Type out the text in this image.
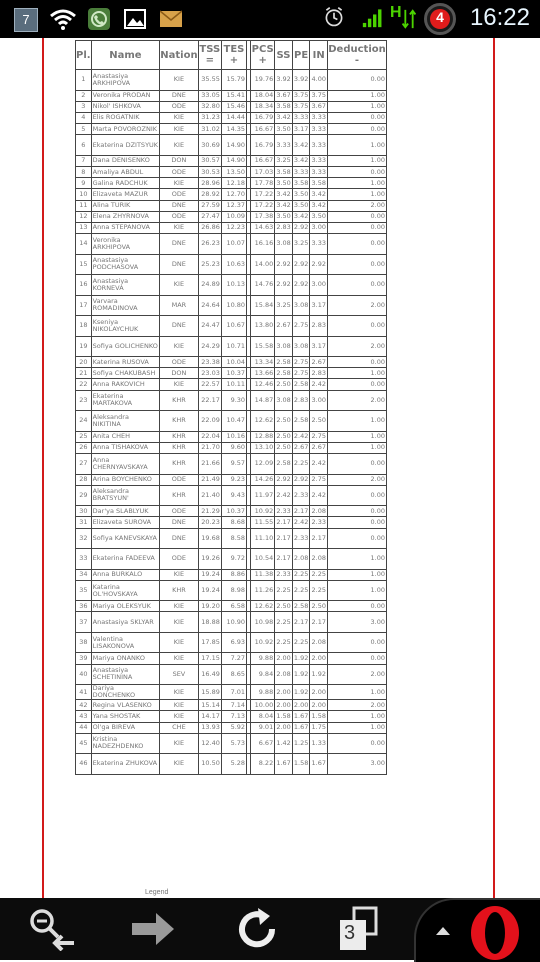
7	H	4	16:22
Pl.	Name	Nation	TSS =	TES +		PCS +	SS	PE	IN	Deduction -
1	Anastasiya ARKHIPOVA	KIE	35.55	15.79		19.76	3.92	3.92	4.00	0.00
2	Veronika PRODAN	DNE	33.05	15.41		18.04	3.67	3.75	3.75	1.00
3	Nikol' ISHKOVA	ODE	32.80	15.46		18.34	3.58	3.75	3.67	1.00
4	Elis ROGATNIK	KIE	31.23	14.44		16.79	3.42	3.33	3.33	0.00
5	Marta POVOROZNIK	KIE	31.02	14.35		16.67	3.50	3.17	3.33	0.00
6	Ekaterina DZITSYUK	KIE	30.69	14.90		16.79	3.33	3.42	3.33	1.00
7	Dana DENISENKO	DON	30.57	14.90		16.67	3.25	3.42	3.33	1.00
8	Amaliya ABDUL	ODE	30.53	13.50		17.03	3.58	3.33	3.33	0.00
9	Galina RADCHUK	KIE	28.96	12.18		17.78	3.50	3.58	3.58	1.00
10	Elizaveta MAZUR	ODE	28.92	12.70		17.22	3.42	3.50	3.42	1.00
11	Alina TURIK	DNE	27.59	12.37		17.22	3.42	3.50	3.42	2.00
12	Elena ZHYRNOVA	ODE	27.47	10.09		17.38	3.50	3.42	3.50	0.00
13	Anna STEPANOVA	KIE	26.86	12.23		14.63	2.83	2.92	3.00	0.00
14	Veronika ARKHIPOVA	DNE	26.23	10.07		16.16	3.08	3.25	3.33	0.00
15	Anastasiya PODCHASOVA	DNE	25.23	10.63		14.00	2.92	2.92	2.92	0.00
16	Anastasiya KORNEVA	KIE	24.89	10.13		14.76	2.92	2.92	3.00	0.00
17	Varvara ROMADINOVA	MAR	24.64	10.80		15.84	3.25	3.08	3.17	2.00
18	Kseniya NIKOLAYCHUK	DNE	24.47	10.67		13.80	2.67	2.75	2.83	0.00
19	Sofiya GOLICHENKO	KIE	24.29	10.71		15.58	3.08	3.08	3.17	2.00
20	Katerina RUSOVA	ODE	23.38	10.04		13.34	2.58	2.75	2.67	0.00
21	Sofiya CHAKUBASH	DON	23.03	10.37		13.66	2.58	2.75	2.83	1.00
22	Anna RAKOVICH	KIE	22.57	10.11		12.46	2.50	2.58	2.42	0.00
23	Ekaterina MARTAKOVA	KHR	22.17	9.30		14.87	3.08	2.83	3.00	2.00
24	Aleksandra NIKITINA	KHR	22.09	10.47		12.62	2.50	2.58	2.50	1.00
25	Anita CHEH	KHR	22.04	10.16		12.88	2.50	2.42	2.75	1.00
26	Anna TISHAKOVA	KHR	21.70	9.60		13.10	2.50	2.67	2.67	1.00
27	Anna CHERNYAVSKAYA	KHR	21.66	9.57		12.09	2.58	2.25	2.42	0.00
28	Arina BOYCHENKO	ODE	21.49	9.23		14.26	2.92	2.92	2.75	2.00
29	Aleksandra BRATSYUN'	KHR	21.40	9.43		11.97	2.42	2.33	2.42	0.00
30	Dar'ya SLABLYUK	ODE	21.29	10.37		10.92	2.33	2.17	2.08	0.00
31	Elizaveta SUROVA	DNE	20.23	8.68		11.55	2.17	2.42	2.33	0.00
32	Sofiya KANEVSKAYA	DNE	19.68	8.58		11.10	2.17	2.33	2.17	0.00
33	Ekaterina FADEEVA	ODE	19.26	9.72		10.54	2.17	2.08	2.08	1.00
34	Anna BURKALO	KIE	19.24	8.86		11.38	2.33	2.25	2.25	1.00
35	Katarina OL'HOVSKAYA	KHR	19.24	8.98		11.26	2.25	2.25	2.25	1.00
36	Mariya OLEKSYUK	KIE	19.20	6.58		12.62	2.50	2.58	2.50	0.00
37	Anastasiya SKLYAR	KIE	18.88	10.90		10.98	2.25	2.17	2.17	3.00
38	Valentina LISAKONOVA	KIE	17.85	6.93		10.92	2.25	2.25	2.08	0.00
39	Mariya ONANKO	KIE	17.15	7.27		9.88	2.00	1.92	2.00	0.00
40	Anastasiya SCHETININA	SEV	16.49	8.65		9.84	2.08	1.92	1.92	2.00
41	Dariya DONCHENKO	KIE	15.89	7.01		9.88	2.00	1.92	2.00	1.00
42	Regina VLASENKO	KIE	15.14	7.14		10.00	2.00	2.00	2.00	2.00
43	Yana SHOSTAK	KIE	14.17	7.13		8.04	1.58	1.67	1.58	1.00
44	Ol'ga BIREVA	CHE	13.93	5.92		9.01	2.00	1.67	1.75	1.00
45	Kristina NADEZHDENKO	KIE	12.40	5.73		6.67	1.42	1.25	1.33	0.00
46	Ekaterina ZHUKOVA	KIE	10.50	5.28		8.22	1.67	1.58	1.67	3.00
Legend
3
